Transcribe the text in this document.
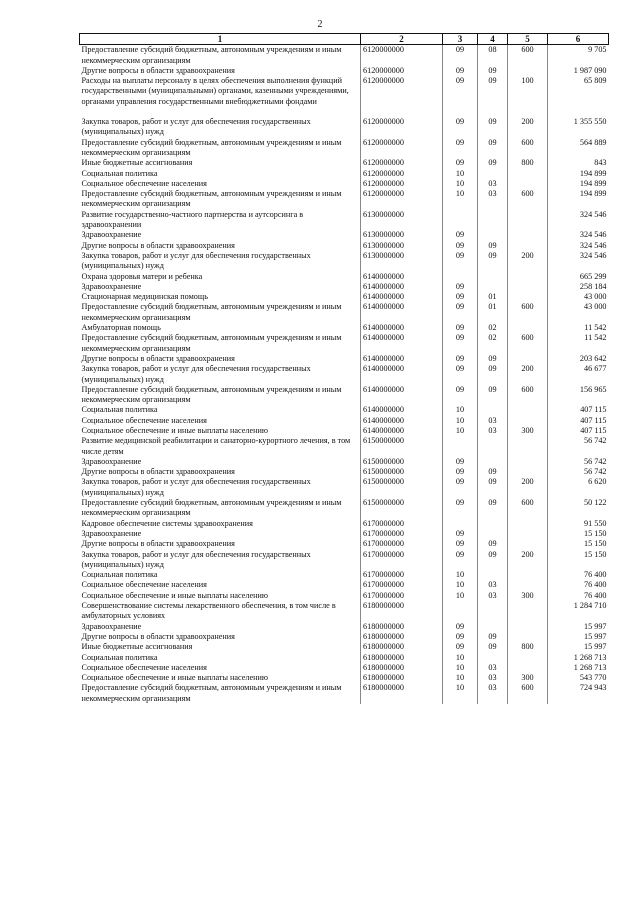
2
1	2	3	4	5	6
Предоставление субсидий бюджетным, автономным учреждениям и иным некоммерческим организациям	6120000000	09	08	600	9 705
Другие вопросы в области здравоохранения	6120000000	09	09		1 987 090
Расходы на выплаты персоналу в целях обеспечения выполнения функций государственными (муниципальными) органами, казенными учреждениями, органами управления государственными внебюджетными фондами	6120000000	09	09	100	65 809

Закупка товаров, работ и услуг для обеспечения государственных (муниципальных) нужд	6120000000	09	09	200	1 355 550
Предоставление субсидий бюджетным, автономным учреждениям и иным некоммерческим организациям	6120000000	09	09	600	564 889
Иные бюджетные ассигнования	6120000000	09	09	800	843
Социальная политика	6120000000	10			194 899
Социальное обеспечение населения	6120000000	10	03		194 899
Предоставление субсидий бюджетным, автономным учреждениям и иным некоммерческим организациям	6120000000	10	03	600	194 899
Развитие государственно-частного партнерства и аутсорсинга в здравоохранении	6130000000				324 546
Здравоохранение	6130000000	09			324 546
Другие вопросы в области здравоохранения	6130000000	09	09		324 546
Закупка товаров, работ и услуг для обеспечения государственных (муниципальных) нужд	6130000000	09	09	200	324 546
Охрана здоровья матери и ребенка	6140000000				665 299
Здравоохранение	6140000000	09			258 184
Стационарная медицинская помощь	6140000000	09	01		43 000
Предоставление субсидий бюджетным, автономным учреждениям и иным некоммерческим организациям	6140000000	09	01	600	43 000
Амбулаторная помощь	6140000000	09	02		11 542
Предоставление субсидий бюджетным, автономным учреждениям и иным некоммерческим организациям	6140000000	09	02	600	11 542
Другие вопросы в области здравоохранения	6140000000	09	09		203 642
Закупка товаров, работ и услуг для обеспечения государственных (муниципальных) нужд	6140000000	09	09	200	46 677
Предоставление субсидий бюджетным, автономным учреждениям и иным некоммерческим организациям	6140000000	09	09	600	156 965
Социальная политика	6140000000	10			407 115
Социальное обеспечение населения	6140000000	10	03		407 115
Социальное обеспечение и иные выплаты населению	6140000000	10	03	300	407 115
Развитие медицинской реабилитации и санаторно-курортного лечения, в том числе детям	6150000000				56 742
Здравоохранение	6150000000	09			56 742
Другие вопросы в области здравоохранения	6150000000	09	09		56 742
Закупка товаров, работ и услуг для обеспечения государственных (муниципальных) нужд	6150000000	09	09	200	6 620
Предоставление субсидий бюджетным, автономным учреждениям и иным некоммерческим организациям	6150000000	09	09	600	50 122
Кадровое обеспечение системы здравоохранения	6170000000				91 550
Здравоохранение	6170000000	09			15 150
Другие вопросы в области здравоохранения	6170000000	09	09		15 150
Закупка товаров, работ и услуг для обеспечения государственных (муниципальных) нужд	6170000000	09	09	200	15 150
Социальная политика	6170000000	10			76 400
Социальное обеспечение населения	6170000000	10	03		76 400
Социальное обеспечение и иные выплаты населению	6170000000	10	03	300	76 400
Совершенствование системы лекарственного обеспечения, в том числе в амбулаторных условиях	6180000000				1 284 710
Здравоохранение	6180000000	09			15 997
Другие вопросы в области здравоохранения	6180000000	09	09		15 997
Иные бюджетные ассигнования	6180000000	09	09	800	15 997
Социальная политика	6180000000	10			1 268 713
Социальное обеспечение населения	6180000000	10	03		1 268 713
Социальное обеспечение и иные выплаты населению	6180000000	10	03	300	543 770
Предоставление субсидий бюджетным, автономным учреждениям и иным некоммерческим организациям	6180000000	10	03	600	724 943
